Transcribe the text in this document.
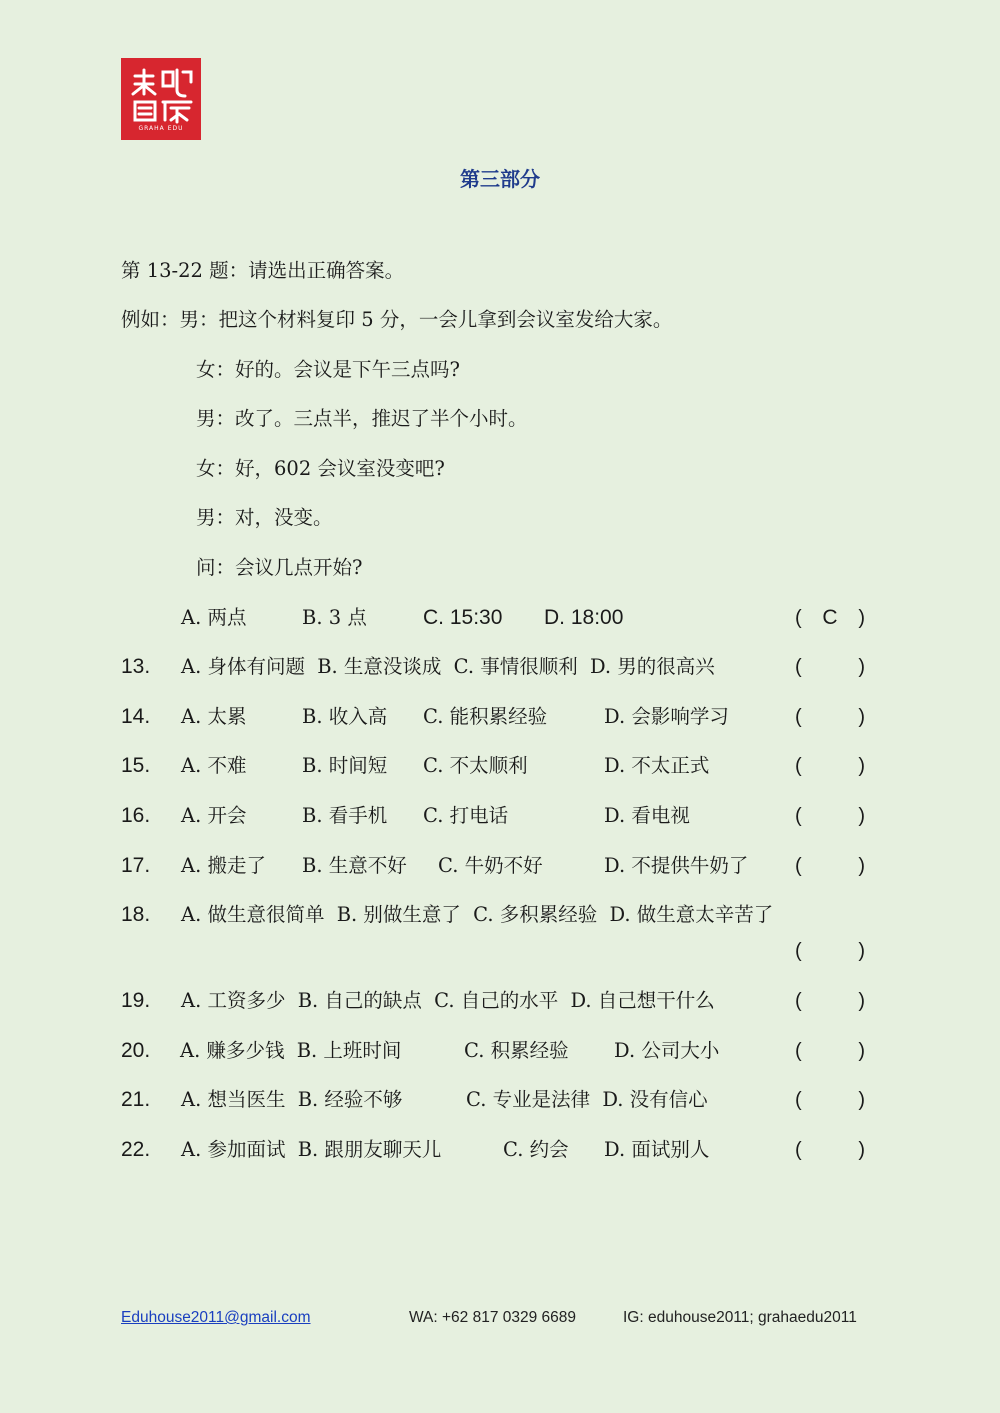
GRAHA EDU
第三部分
第 13-22 题：请选出正确答案。
例如：男：把这个材料复印 5 分，一会儿拿到会议室发给大家。
女：好的。会议是下午三点吗?
男：改了。三点半，推迟了半个小时。
女：好，602 会议室没变吧?
男：对，没变。
问：会议几点开始?
A. 两点	B. 3 点	C. 15:30 D. 18:00	( C )
13. A. 身体有问题 B. 生意没谈成 C. 事情很顺利 D. 男的很高兴	(	)
14. A. 太累	B. 收入高 C. 能积累经验	D. 会影响学习	(	)
15. A. 不难	B. 时间短 C. 不太顺利	D. 不太正式	(	)
16. A. 开会	B. 看手机 C. 打电话	D. 看电视	(	)
17. A. 搬走了 B. 生意不好 C. 牛奶不好	D. 不提供牛奶了 (	)
18. A. 做生意很简单 B. 别做生意了 C. 多积累经验 D. 做生意太辛苦了
(	)
19. A. 工资多少 B. 自己的缺点 C. 自己的水平 D. 自己想干什么	(	)
20. A. 赚多少钱 B. 上班时间	C. 积累经验 D. 公司大小	(	)
21. A. 想当医生 B. 经验不够	C. 专业是法律 D. 没有信心	(	)
22. A. 参加面试 B. 跟朋友聊天儿	C. 约会 D. 面试别人	(	)
Eduhouse2011@gmail.com	WA: +62 817 0329 6689	IG: eduhouse2011; grahaedu2011
